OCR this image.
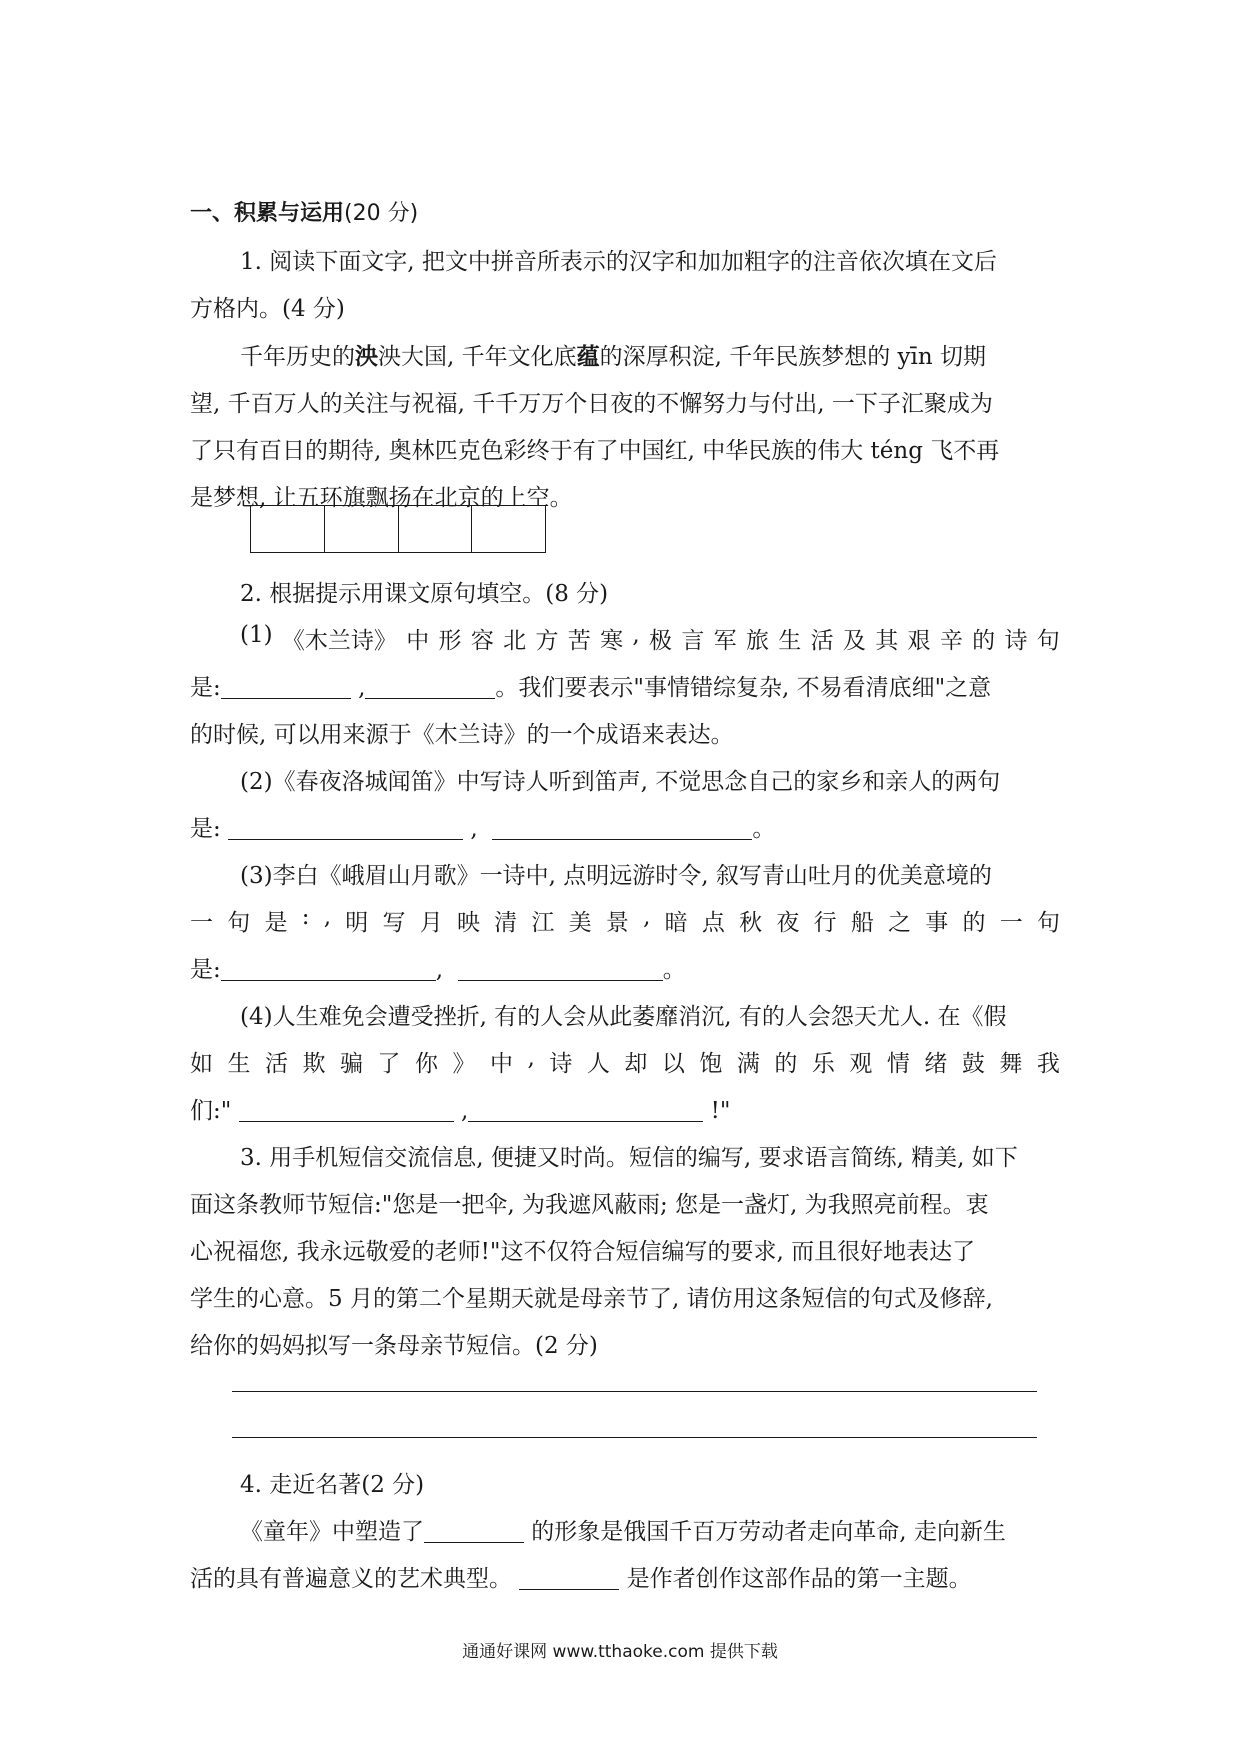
一、积累与运用(20 分)
1. 阅读下面文字, 把文中拼音所表示的汉字和加加粗字的注音依次填在文后
方格内。(4 分)
千年历史的泱泱大国, 千年文化底蕴的深厚积淀, 千年民族梦想的 yīn 切期
望, 千百万人的关注与祝福, 千千万万个日夜的不懈努力与付出, 一下子汇聚成为
了只有百日的期待, 奥林匹克色彩终于有了中国红, 中华民族的伟大 téng 飞不再
是梦想, 让五环旗飘扬在北京的上空。
2. 根据提示用课文原句填空。(8 分)
(1) 《木兰诗》 中 形 容 北 方 苦 寒 , 极 言 军 旅 生 活 及 其 艰 辛 的 诗 句
是:	,	。我们要表示"事情错综复杂, 不易看清底细"之意
的时候, 可以用来源于《木兰诗》的一个成语来表达。
(2)《春夜洛城闻笛》中写诗人听到笛声, 不觉思念自己的家乡和亲人的两句
是:	,	。
(3)李白《峨眉山月歌》一诗中, 点明远游时令, 叙写青山吐月的优美意境的
一 句 是 : , 明 写 月 映 清 江 美 景 , 暗 点 秋 夜 行 船 之 事 的 一 句
是:	,	。
(4)人生难免会遭受挫折, 有的人会从此萎靡消沉, 有的人会怨天尤人. 在《假
如 生 活 欺 骗 了 你 》 中 , 诗 人 却 以 饱 满 的 乐 观 情 绪 鼓 舞 我
们:"	,	!"
3. 用手机短信交流信息, 便捷又时尚。短信的编写, 要求语言简练, 精美, 如下
面这条教师节短信:"您是一把伞, 为我遮风蔽雨; 您是一盏灯, 为我照亮前程。衷
心祝福您, 我永远敬爱的老师!"这不仅符合短信编写的要求, 而且很好地表达了
学生的心意。5 月的第二个星期天就是母亲节了, 请仿用这条短信的句式及修辞,
给你的妈妈拟写一条母亲节短信。(2 分)
4. 走近名著(2 分)
《童年》中塑造了	的形象是俄国千百万劳动者走向革命, 走向新生
活的具有普遍意义的艺术典型。	是作者创作这部作品的第一主题。
通通好课网 www.tthaoke.com 提供下载
